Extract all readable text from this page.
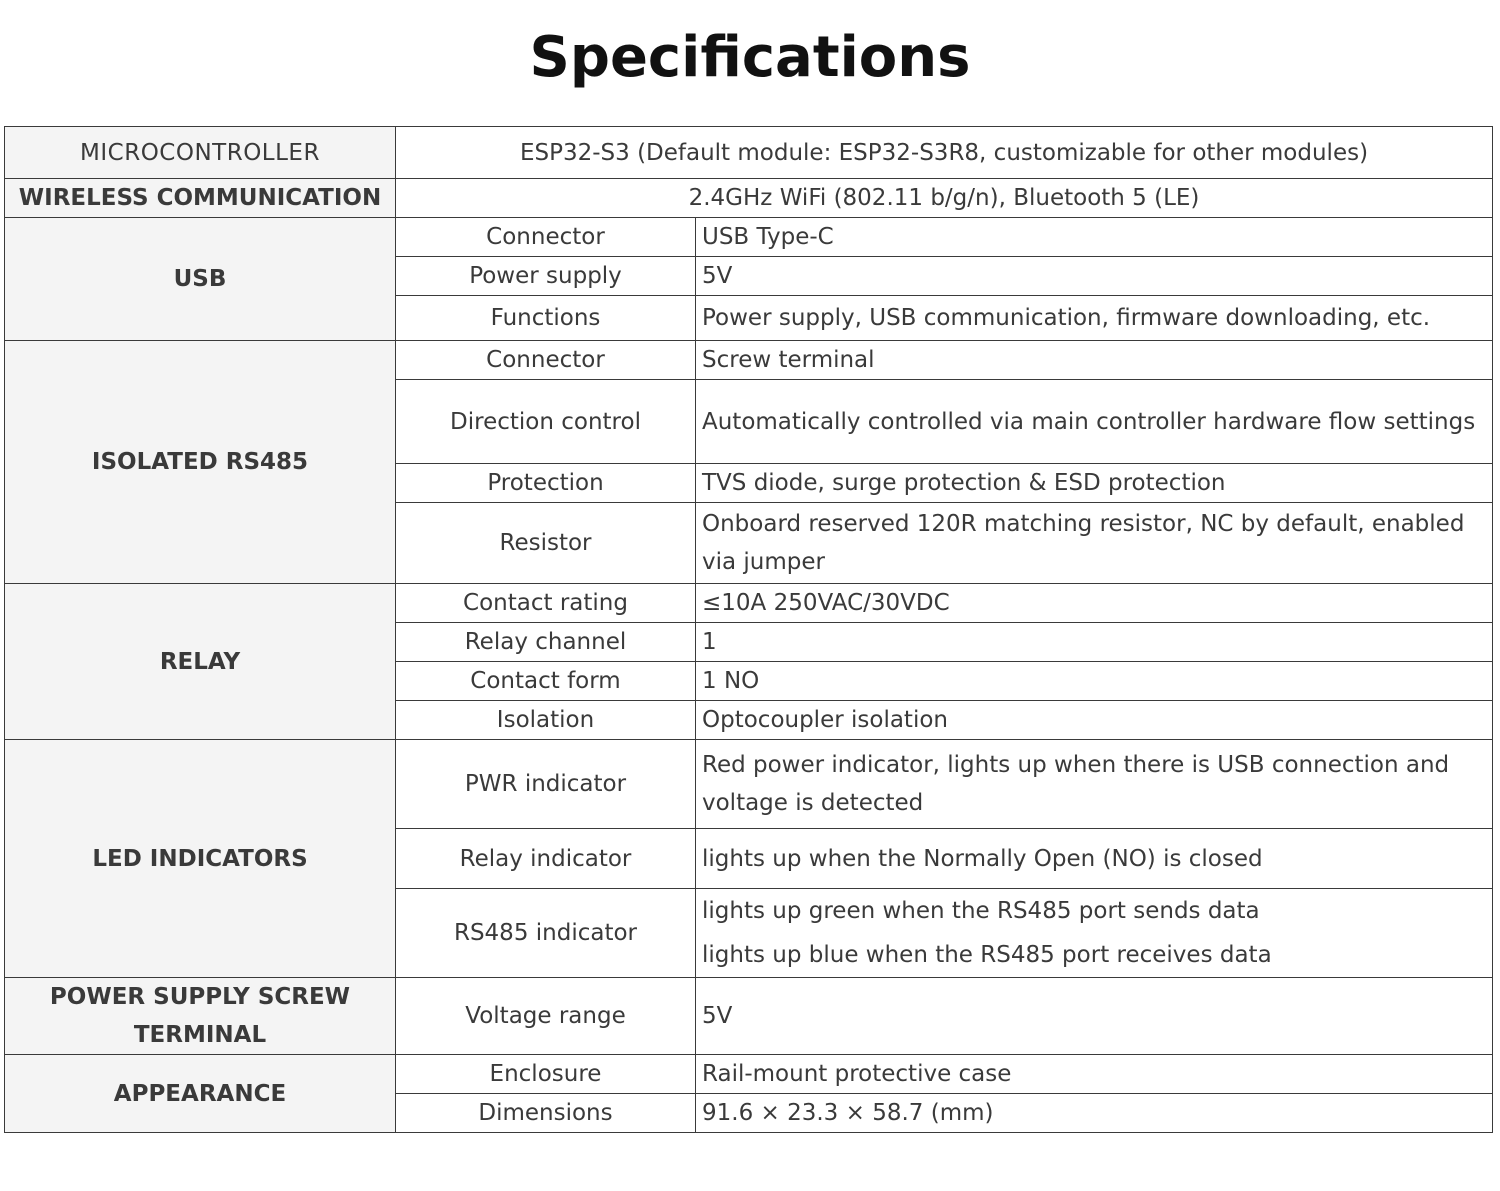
Specifications
MICROCONTROLLER	ESP32-S3 (Default module: ESP32-S3R8, customizable for other modules)	
WIRELESS COMMUNICATION	2.4GHz WiFi (802.11 b/g/n), Bluetooth 5 (LE)	
USB	Connector	USB Type-C
	Power supply	5V
	Functions	Power supply, USB communication, firmware downloading, etc.
ISOLATED RS485	Connector	Screw terminal
	Direction control	Automatically controlled via main controller hardware flow settings
	Protection	TVS diode, surge protection & ESD protection
	Resistor	Onboard reserved 120R matching resistor, NC by default, enabled
via jumper

RELAY	Contact rating	≤10A 250VAC/30VDC
	Relay channel	1
	Contact form	1 NO
	Isolation	Optocoupler isolation
LED INDICATORS	PWR indicator	Red power indicator, lights up when there is USB connection and
voltage is detected

	Relay indicator	lights up when the Normally Open (NO) is closed
	RS485 indicator	lights up green when the RS485 port sends data
lights up blue when the RS485 port receives data

POWER SUPPLY SCREW
TERMINAL	Voltage range	5V
APPEARANCE	Enclosure	Rail-mount protective case
	Dimensions	91.6 × 23.3 × 58.7 (mm)
